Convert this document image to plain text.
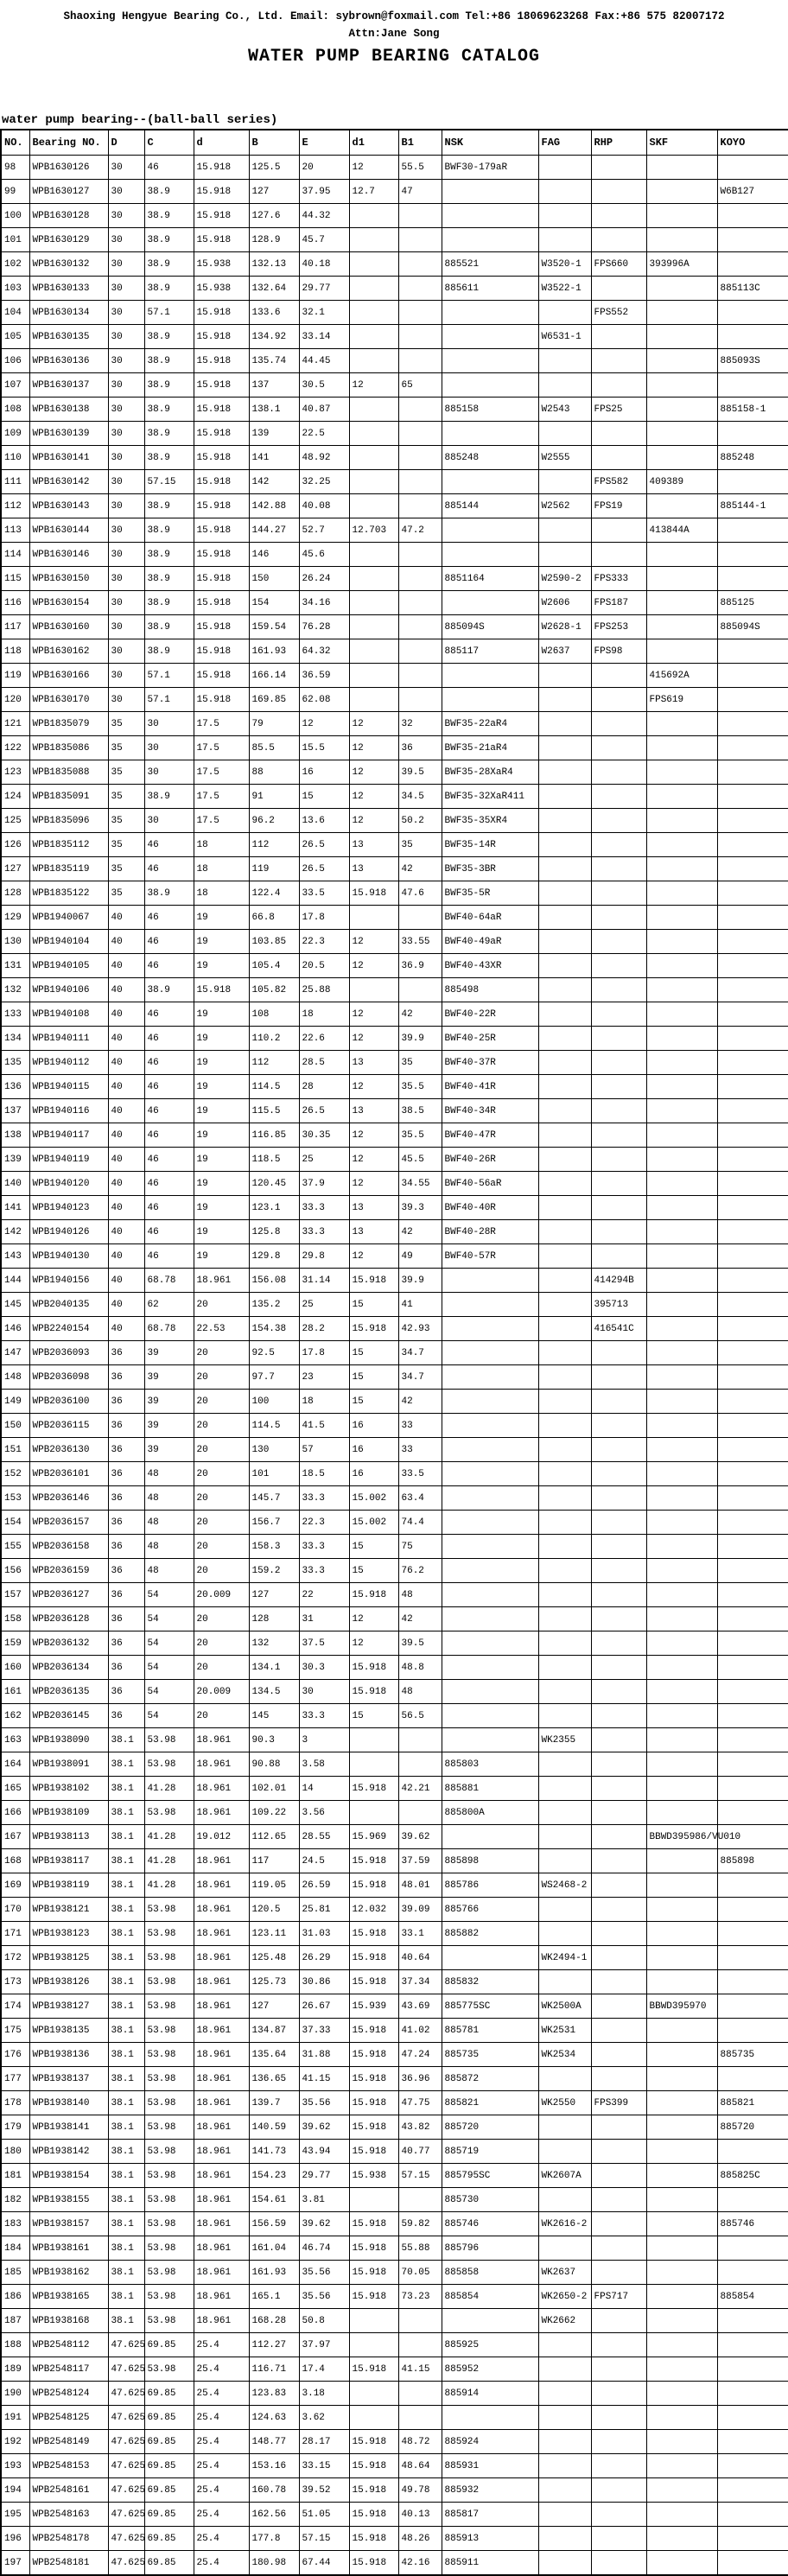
Shaoxing Hengyue Bearing Co., Ltd. Email: sybrown@foxmail.com Tel:+86 18069623268 Fax:+86 575 82007172
Attn:Jane Song
WATER PUMP BEARING CATALOG
water pump bearing--(ball-ball series)
NO.	Bearing NO.	D	C	d	B	E	d1	B1	NSK	FAG	RHP	SKF	KOYO
98	WPB1630126	30	46	15.918	125.5	20	12	55.5	BWF30-179aR				
99	WPB1630127	30	38.9	15.918	127	37.95	12.7	47					W6B127
100	WPB1630128	30	38.9	15.918	127.6	44.32							
101	WPB1630129	30	38.9	15.918	128.9	45.7							
102	WPB1630132	30	38.9	15.938	132.13	40.18			885521	W3520-1	FPS660	393996A	
103	WPB1630133	30	38.9	15.938	132.64	29.77			885611	W3522-1			885113C
104	WPB1630134	30	57.1	15.918	133.6	32.1					FPS552		
105	WPB1630135	30	38.9	15.918	134.92	33.14				W6531-1			
106	WPB1630136	30	38.9	15.918	135.74	44.45							885093S
107	WPB1630137	30	38.9	15.918	137	30.5	12	65					
108	WPB1630138	30	38.9	15.918	138.1	40.87			885158	W2543	FPS25		885158-1
109	WPB1630139	30	38.9	15.918	139	22.5							
110	WPB1630141	30	38.9	15.918	141	48.92			885248	W2555			885248
111	WPB1630142	30	57.15	15.918	142	32.25					FPS582	409389	
112	WPB1630143	30	38.9	15.918	142.88	40.08			885144	W2562	FPS19		885144-1
113	WPB1630144	30	38.9	15.918	144.27	52.7	12.703	47.2				413844A	
114	WPB1630146	30	38.9	15.918	146	45.6							
115	WPB1630150	30	38.9	15.918	150	26.24			8851164	W2590-2	FPS333		
116	WPB1630154	30	38.9	15.918	154	34.16				W2606	FPS187		885125
117	WPB1630160	30	38.9	15.918	159.54	76.28			885094S	W2628-1	FPS253		885094S
118	WPB1630162	30	38.9	15.918	161.93	64.32			885117	W2637	FPS98		
119	WPB1630166	30	57.1	15.918	166.14	36.59						415692A	
120	WPB1630170	30	57.1	15.918	169.85	62.08						FPS619	
121	WPB1835079	35	30	17.5	79	12	12	32	BWF35-22aR4				
122	WPB1835086	35	30	17.5	85.5	15.5	12	36	BWF35-21aR4				
123	WPB1835088	35	30	17.5	88	16	12	39.5	BWF35-28XaR4				
124	WPB1835091	35	38.9	17.5	91	15	12	34.5	BWF35-32XaR411				
125	WPB1835096	35	30	17.5	96.2	13.6	12	50.2	BWF35-35XR4				
126	WPB1835112	35	46	18	112	26.5	13	35	BWF35-14R				
127	WPB1835119	35	46	18	119	26.5	13	42	BWF35-3BR				
128	WPB1835122	35	38.9	18	122.4	33.5	15.918	47.6	BWF35-5R				
129	WPB1940067	40	46	19	66.8	17.8			BWF40-64aR				
130	WPB1940104	40	46	19	103.85	22.3	12	33.55	BWF40-49aR				
131	WPB1940105	40	46	19	105.4	20.5	12	36.9	BWF40-43XR				
132	WPB1940106	40	38.9	15.918	105.82	25.88			885498				
133	WPB1940108	40	46	19	108	18	12	42	BWF40-22R				
134	WPB1940111	40	46	19	110.2	22.6	12	39.9	BWF40-25R				
135	WPB1940112	40	46	19	112	28.5	13	35	BWF40-37R				
136	WPB1940115	40	46	19	114.5	28	12	35.5	BWF40-41R				
137	WPB1940116	40	46	19	115.5	26.5	13	38.5	BWF40-34R				
138	WPB1940117	40	46	19	116.85	30.35	12	35.5	BWF40-47R				
139	WPB1940119	40	46	19	118.5	25	12	45.5	BWF40-26R				
140	WPB1940120	40	46	19	120.45	37.9	12	34.55	BWF40-56aR				
141	WPB1940123	40	46	19	123.1	33.3	13	39.3	BWF40-40R				
142	WPB1940126	40	46	19	125.8	33.3	13	42	BWF40-28R				
143	WPB1940130	40	46	19	129.8	29.8	12	49	BWF40-57R				
144	WPB1940156	40	68.78	18.961	156.08	31.14	15.918	39.9			414294B		
145	WPB2040135	40	62	20	135.2	25	15	41			395713		
146	WPB2240154	40	68.78	22.53	154.38	28.2	15.918	42.93			416541C		
147	WPB2036093	36	39	20	92.5	17.8	15	34.7					
148	WPB2036098	36	39	20	97.7	23	15	34.7					
149	WPB2036100	36	39	20	100	18	15	42					
150	WPB2036115	36	39	20	114.5	41.5	16	33					
151	WPB2036130	36	39	20	130	57	16	33					
152	WPB2036101	36	48	20	101	18.5	16	33.5					
153	WPB2036146	36	48	20	145.7	33.3	15.002	63.4					
154	WPB2036157	36	48	20	156.7	22.3	15.002	74.4					
155	WPB2036158	36	48	20	158.3	33.3	15	75					
156	WPB2036159	36	48	20	159.2	33.3	15	76.2					
157	WPB2036127	36	54	20.009	127	22	15.918	48					
158	WPB2036128	36	54	20	128	31	12	42					
159	WPB2036132	36	54	20	132	37.5	12	39.5					
160	WPB2036134	36	54	20	134.1	30.3	15.918	48.8					
161	WPB2036135	36	54	20.009	134.5	30	15.918	48					
162	WPB2036145	36	54	20	145	33.3	15	56.5					
163	WPB1938090	38.1	53.98	18.961	90.3	3				WK2355			
164	WPB1938091	38.1	53.98	18.961	90.88	3.58			885803				
165	WPB1938102	38.1	41.28	18.961	102.01	14	15.918	42.21	885881				
166	WPB1938109	38.1	53.98	18.961	109.22	3.56			885800A				
167	WPB1938113	38.1	41.28	19.012	112.65	28.55	15.969	39.62				BBWD395986/VU010	
168	WPB1938117	38.1	41.28	18.961	117	24.5	15.918	37.59	885898				885898
169	WPB1938119	38.1	41.28	18.961	119.05	26.59	15.918	48.01	885786	WS2468-2			
170	WPB1938121	38.1	53.98	18.961	120.5	25.81	12.032	39.09	885766				
171	WPB1938123	38.1	53.98	18.961	123.11	31.03	15.918	33.1	885882				
172	WPB1938125	38.1	53.98	18.961	125.48	26.29	15.918	40.64		WK2494-1			
173	WPB1938126	38.1	53.98	18.961	125.73	30.86	15.918	37.34	885832				
174	WPB1938127	38.1	53.98	18.961	127	26.67	15.939	43.69	885775SC	WK2500A		BBWD395970	
175	WPB1938135	38.1	53.98	18.961	134.87	37.33	15.918	41.02	885781	WK2531			
176	WPB1938136	38.1	53.98	18.961	135.64	31.88	15.918	47.24	885735	WK2534			885735
177	WPB1938137	38.1	53.98	18.961	136.65	41.15	15.918	36.96	885872				
178	WPB1938140	38.1	53.98	18.961	139.7	35.56	15.918	47.75	885821	WK2550	FPS399		885821
179	WPB1938141	38.1	53.98	18.961	140.59	39.62	15.918	43.82	885720				885720
180	WPB1938142	38.1	53.98	18.961	141.73	43.94	15.918	40.77	885719				
181	WPB1938154	38.1	53.98	18.961	154.23	29.77	15.938	57.15	885795SC	WK2607A			885825C
182	WPB1938155	38.1	53.98	18.961	154.61	3.81			885730				
183	WPB1938157	38.1	53.98	18.961	156.59	39.62	15.918	59.82	885746	WK2616-2			885746
184	WPB1938161	38.1	53.98	18.961	161.04	46.74	15.918	55.88	885796				
185	WPB1938162	38.1	53.98	18.961	161.93	35.56	15.918	70.05	885858	WK2637			
186	WPB1938165	38.1	53.98	18.961	165.1	35.56	15.918	73.23	885854	WK2650-2	FPS717		885854
187	WPB1938168	38.1	53.98	18.961	168.28	50.8				WK2662			
188	WPB2548112	47.625	69.85	25.4	112.27	37.97			885925				
189	WPB2548117	47.625	53.98	25.4	116.71	17.4	15.918	41.15	885952				
190	WPB2548124	47.625	69.85	25.4	123.83	3.18			885914				
191	WPB2548125	47.625	69.85	25.4	124.63	3.62							
192	WPB2548149	47.625	69.85	25.4	148.77	28.17	15.918	48.72	885924				
193	WPB2548153	47.625	69.85	25.4	153.16	33.15	15.918	48.64	885931				
194	WPB2548161	47.625	69.85	25.4	160.78	39.52	15.918	49.78	885932				
195	WPB2548163	47.625	69.85	25.4	162.56	51.05	15.918	40.13	885817				
196	WPB2548178	47.625	69.85	25.4	177.8	57.15	15.918	48.26	885913				
197	WPB2548181	47.625	69.85	25.4	180.98	67.44	15.918	42.16	885911				
